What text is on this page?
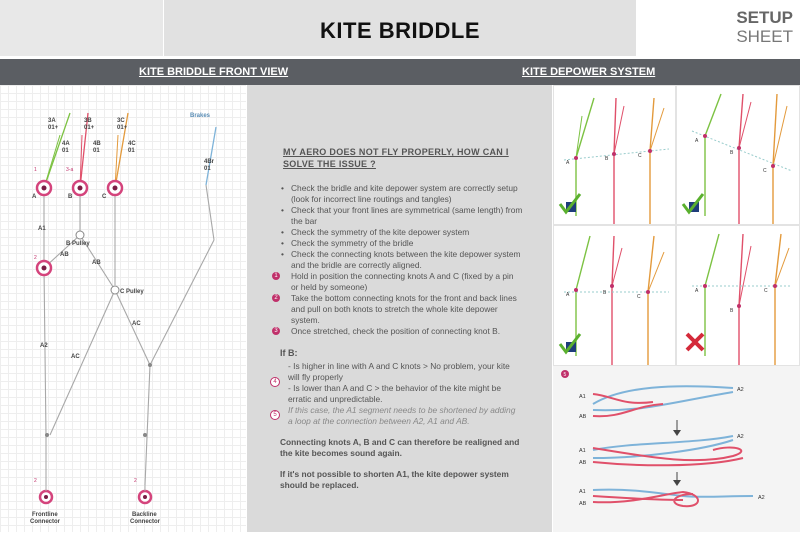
KITE BRIDDLE
SETUP
SHEET
KITE BRIDDLE FRONT VIEW	KITE DEPOWER SYSTEM
3A
01+
4A
01
3B
01+
4B
01
3C
01+
4C
01
Brakes
4Br
01
A	B	C
A1
A2
AB
AB
AC
AC
B Pulley
C Pulley
Frontline
Connector
Backline
Connector
1	3-a
2
2	2
MY AERO DOES NOT FLY PROPERLY, HOW CAN I SOLVE THE ISSUE ?
• Check the bridle and kite depower system are correctly setup (look for incorrect line routings and tangles)
• Check that your front lines are symmetrical (same length) from the bar
• Check the symmetry of the kite depower system
• Check the symmetry of the bridle
• Check the connecting knots between the kite depower system and the bridle are correctly aligned.
1 Hold in position the connecting knots A and C (fixed by a pin or held by someone)
2 Take the bottom connecting knots for the front and back lines and pull on both knots to stretch the whole kite depower system.
3 Once stretched, check the position of connecting knot B.
If B:
- Is higher in line with A and C knots > No problem, your kite will fly properly
- Is lower than A and C > the behavior of the kite might be erratic and unpredictable.
If this case, the A1 segment needs to be shortened by adding a loop at the connection between A2, A1 and AB.
4
5
Connecting knots A, B and C can therefore be realigned and the kite becomes sound again.
If it's not possible to shorten A1, the kite depower system should be replaced.
A
B	C
A
B
C
A	B
C
A
B
C
5
A2
A1
AB
A2
A1
AB
A2
A1
AB
